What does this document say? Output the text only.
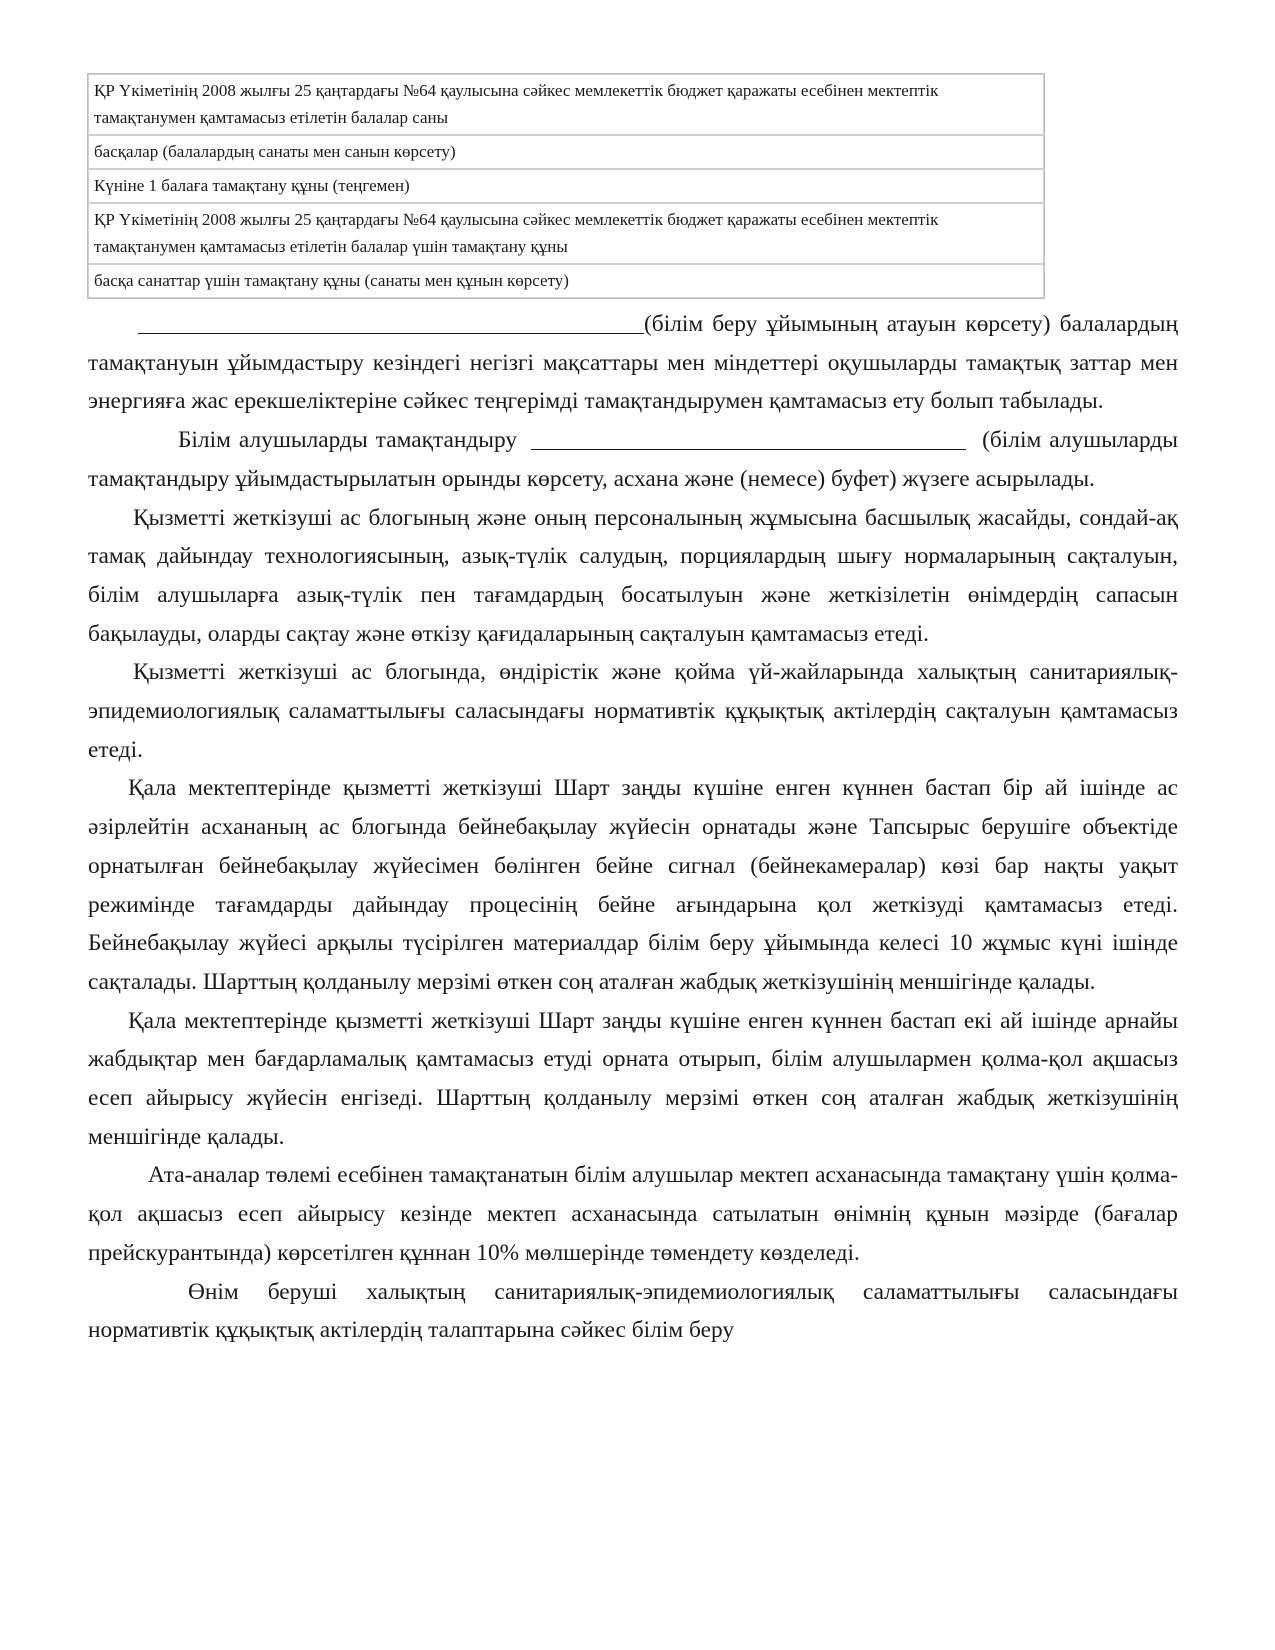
ҚР Үкіметінің 2008 жылғы 25 қаңтардағы №64 қаулысына сәйкес мемлекеттік бюджет қаражаты есебінен мектептік тамақтанумен қамтамасыз етілетін балалар саны
басқалар (балалардың санаты мен санын көрсету)
Күніне 1 балаға тамақтану құны (теңгемен)
ҚР Үкіметінің 2008 жылғы 25 қаңтардағы №64 қаулысына сәйкес мемлекеттік бюджет қаражаты есебінен мектептік тамақтанумен қамтамасыз етілетін балалар үшін тамақтану құны
басқа санаттар үшін тамақтану құны (санаты мен құнын көрсету)

(білім беру ұйымының атауын көрсету) балалардың тамақтануын ұйымдастыру кезіндегі негізгі мақсаттары мен міндеттері оқушыларды тамақтық заттар мен энергияға жас ерекшеліктеріне сәйкес теңгерімді тамақтандырумен қамтамасыз ету болып табылады.

Білім алушыларды тамақтандыру	(білім алушыларды тамақтандыру ұйымдастырылатын орынды көрсету, асхана және (немесе) буфет) жүзеге асырылады.

Қызметті жеткізуші ас блогының және оның персоналының жұмысына басшылық жасайды, сондай-ақ тамақ дайындау технологиясының, азық-түлік салудың, порциялардың шығу нормаларының сақталуын, білім алушыларға азық-түлік пен тағамдардың босатылуын және жеткізілетін өнімдердің сапасын бақылауды, оларды сақтау және өткізу қағидаларының сақталуын қамтамасыз етеді.

Қызметті жеткізуші ас блогында, өндірістік және қойма үй-жайларында халықтың санитариялық-эпидемиологиялық саламаттылығы саласындағы нормативтік құқықтық актілердің сақталуын қамтамасыз етеді.

Қала мектептерінде қызметті жеткізуші Шарт заңды күшіне енген күннен бастап бір ай ішінде ас әзірлейтін асхананың ас блогында бейнебақылау жүйесін орнатады және Тапсырыс берушіге объектіде орнатылған бейнебақылау жүйесімен бөлінген бейне сигнал (бейнекамералар) көзі бар нақты уақыт режимінде тағамдарды дайындау процесінің бейне ағындарына қол жеткізуді қамтамасыз етеді. Бейнебақылау жүйесі арқылы түсірілген материалдар білім беру ұйымында келесі 10 жұмыс күні ішінде сақталады. Шарттың қолданылу мерзімі өткен соң аталған жабдық жеткізушінің меншігінде қалады.

Қала мектептерінде қызметті жеткізуші Шарт заңды күшіне енген күннен бастап екі ай ішінде арнайы жабдықтар мен бағдарламалық қамтамасыз етуді орната отырып, білім алушылармен қолма-қол ақшасыз есеп айырысу жүйесін енгізеді. Шарттың қолданылу мерзімі өткен соң аталған жабдық жеткізушінің меншігінде қалады.

Ата-аналар төлемі есебінен тамақтанатын білім алушылар мектеп асханасында тамақтану үшін қолма-қол ақшасыз есеп айырысу кезінде мектеп асханасында сатылатын өнімнің құнын мәзірде (бағалар прейскурантында) көрсетілген құннан 10% мөлшерінде төмендету көзделеді.

Өнім беруші халықтың санитариялық-эпидемиологиялық саламаттылығы саласындағы нормативтік құқықтық актілердің талаптарына сәйкес білім беру
